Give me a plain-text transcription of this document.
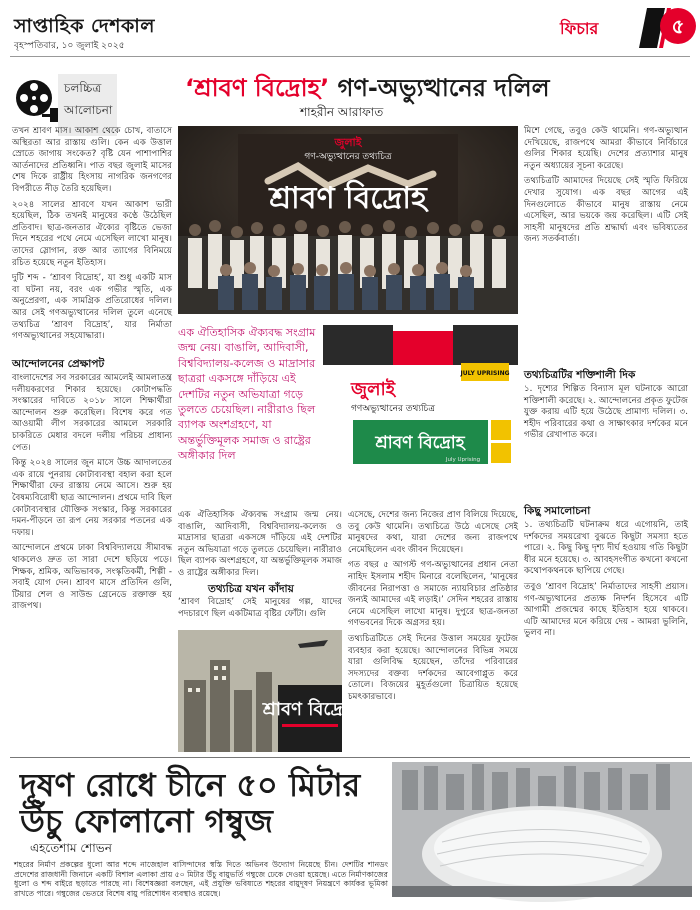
সাপ্তাহিক দেশকাল
বৃহস্পতিবার, ১০ জুলাই ২০২৫
ফিচার	৫
চলচ্চিত্র
আলোচনা
‘শ্রাবণ বিদ্রোহ’ গণ-অভ্যুত্থানের দলিল
শাহরীন আরাফাত

তখন শ্রাবণ মাস। আকাশ থেকে চোখ, বাতাসে অস্থিরতা আর রাস্তায় গুলি। কেন এক উত্তাল স্রোতে জাগায় সংকেত? বৃষ্টি যেন পাশাপাশির আর্তনাদের প্রতিধ্বনি। পাত বছর জুলাই মাসের শেষ দিকে রাষ্ট্রীয় হিংসায় নাগরিক জনগণের বিপরীতে নীড় তৈরি হয়েছিল।

২০২৪ সালের শ্রাবণে যখন আকাশ ভারী হয়েছিল, ঠিক তখনই মানুষের কণ্ঠে উঠেছিল প্রতিবাদ। ছাত্র-জনতার ঐক্যের বৃষ্টিতে ভেজা দিনে শহরের পথে নেমে এসেছিল লাখো মানুষ। তাদের স্লোগান, রক্ত আর ত্যাগের বিনিময়ে রচিত হয়েছে নতুন ইতিহাস।

দুটি শব্দ - ‘শ্রাবণ বিদ্রোহ’, যা শুধু একটি মাস বা ঘটনা নয়, বরং এক গভীর স্মৃতি, এক অনুপ্রেরণা, এক সামগ্রিক প্রতিরোধের দলিল। আর সেই গণঅভ্যুত্থানের দলিল তুলে এনেছে তথ্যচিত্র ‘শ্রাবণ বিদ্রোহ’, যার নির্মাতা গণঅভ্যুত্থানের সহযোদ্ধারা।

আন্দোলনের প্রেক্ষাপট

বাংলাদেশের সব সরকারের আমলেই আমলাতন্ত্র দলীয়করণের শিকার হয়েছে। কোটাপদ্ধতি সংস্কারের দাবিতে ২০১৮ সালে শিক্ষার্থীরা আন্দোলন শুরু করেছিল। বিশেষ করে গত আওয়ামী লীগ সরকারের আমলে সরকারি চাকরিতে মেধার বদলে দলীয় পরিচয় প্রাধান্য পেত।

কিন্তু ২০২৪ সালের জুন মাসে উচ্চ আদালতের এক রায়ে পুনরায় কোটাব্যবস্থা বহাল করা হলে শিক্ষার্থীরা ফের রাস্তায় নেমে আসে। শুরু হয় বৈষম্যবিরোধী ছাত্র আন্দোলন। প্রথমে দাবি ছিল কোটাব্যবস্থার যৌক্তিক সংস্কার, কিন্তু সরকারের দমন-পীড়নে তা রূপ নেয় সরকার পতনের এক দফায়।

আন্দোলনে প্রথমে ঢাকা বিশ্ববিদ্যালয়ে সীমাবদ্ধ থাকলেও দ্রুত তা সারা দেশে ছড়িয়ে পড়ে। শিক্ষক, শ্রমিক, অভিভাবক, সংস্কৃতিকর্মী, শিল্পী - সবাই যোগ দেন। শ্রাবণ মাসে প্রতিদিন গুলি, টিয়ার শেল ও সাউন্ড গ্রেনেডে রক্তাক্ত হয় রাজপথ।

জুলাই
গণ-অভ্যুত্থানের তথ্যচিত্র
শ্রাবণ বিদ্রোহ

মিশে গেছে, তবুও কেউ থামেনি। গণ-অভ্যুত্থান দেখিয়েছে, রাজপথে আমরা কীভাবে নির্বিচারে গুলির শিকার হয়েছি। দেশের প্রত্যাশার মানুষ নতুন অধ্যায়ের সূচনা করেছে।

তথ্যচিত্রটি আমাদের দিয়েছে সেই স্মৃতি ফিরিয়ে দেখার সুযোগ। এক বছর আগের এই দিনগুলোতে কীভাবে মানুষ রাস্তায় নেমে এসেছিল, আর ভয়কে জয় করেছিল। এটি সেই সাহসী মানুষদের প্রতি শ্রদ্ধার্ঘ্য এবং ভবিষ্যতের জন্য সতর্কবার্তা।

তথ্যচিত্রটির শক্তিশালী দিক

১. দৃশ্যের শিল্পিত বিন্যাস মূল ঘটনাকে আরো শক্তিশালী করেছে। ২. আন্দোলনের প্রকৃত ফুটেজ যুক্ত করায় এটি হয়ে উঠেছে প্রামাণ্য দলিল। ৩. শহীদ পরিবারের কথা ও সাক্ষাৎকার দর্শকের মনে গভীর রেখাপাত করে।

কিছু সমালোচনা

১. তথ্যচিত্রটি ঘটনাক্রম ধরে এগোয়নি, তাই দর্শকদের সময়রেখা বুঝতে কিছুটা সমস্যা হতে পারে। ২. কিছু কিছু দৃশ্য দীর্ঘ হওয়ায় গতি কিছুটা ধীর মনে হয়েছে। ৩. আবহসংগীত কখনো কখনো কথোপকথনকে ছাপিয়ে গেছে।

তবুও ‘শ্রাবণ বিদ্রোহ’ নির্মাতাদের সাহসী প্রয়াস। গণ-অভ্যুত্থানের প্রত্যক্ষ নিদর্শন হিসেবে এটি আগামী প্রজন্মের কাছে ইতিহাস হয়ে থাকবে। এটি আমাদের মনে করিয়ে দেয় - আমরা ভুলিনি, ভুলব না।

এক ঐতিহাসিক ঐক্যবদ্ধ সংগ্রাম জন্ম নেয়। বাঙালি, আদিবাসী, বিশ্ববিদ্যালয়-কলেজ ও মাদ্রাসার ছাত্ররা একসঙ্গে দাঁড়িয়ে এই দেশটির নতুন অভিযাত্রা গড়ে তুলতে চেয়েছিল। নারীরাও ছিল ব্যাপক অংশগ্রহণে, যা অন্তর্ভুক্তিমূলক সমাজ ও রাষ্ট্রের অঙ্গীকার দিল
JULY UPRISING
জুলাই
গণঅভ্যুত্থানের তথ্যচিত্র
শ্রাবণ বিদ্রোহ
July Uprising

এক ঐতিহাসিক ঐক্যবদ্ধ সংগ্রাম জন্ম নেয়। বাঙালি, আদিবাসী, বিশ্ববিদ্যালয়-কলেজ ও মাদ্রাসার ছাত্ররা একসঙ্গে দাঁড়িয়ে এই দেশটির নতুন অভিযাত্রা গড়ে তুলতে চেয়েছিল। নারীরাও ছিল ব্যাপক অংশগ্রহণে, যা অন্তর্ভুক্তিমূলক সমাজ ও রাষ্ট্রের অঙ্গীকার দিল।

তথ্যচিত্র যখন কাঁদায়

‘শ্রাবণ বিদ্রোহ’ সেই মানুষের গল্প, যাদের পদচারণে ছিল একটিমাত্র বৃষ্টির ফোঁটা। গুলি

এসেছে, দেশের জন্য নিজের প্রাণ বিলিয়ে দিয়েছে, তবু কেউ থামেনি। তথ্যচিত্রে উঠে এসেছে সেই মানুষদের কথা, যারা দেশের জন্য রাজপথে নেমেছিলেন এবং জীবন দিয়েছেন।

গত বছর ৫ আগস্ট গণ-অভ্যুত্থানের প্রধান নেতা নাহিদ ইসলাম শহীদ মিনারে বলেছিলেন, ‘মানুষের জীবনের নিরাপত্তা ও সমাজে ন্যায়বিচার প্রতিষ্ঠার জন্যই আমাদের এই লড়াই।’ সেদিন শহরের রাস্তায় নেমে এসেছিল লাখো মানুষ। দুপুরে ছাত্র-জনতা গণভবনের দিকে অগ্রসর হয়।

তথ্যচিত্রটিতে সেই দিনের উত্তাল সময়ের ফুটেজ ব্যবহার করা হয়েছে। আন্দোলনের বিভিন্ন সময়ে যারা গুলিবিদ্ধ হয়েছেন, তাঁদের পরিবারের সদস্যদের বক্তব্য দর্শকদের আবেগাপ্লুত করে তোলে। বিজয়ের মুহূর্তগুলো চিত্রায়িত হয়েছে চমৎকারভাবে।

শ্রাবণ বিদ্রোহ
দূষণ রোধে চীনে ৫০ মিটার
উঁচু ফোলানো গম্বুজ
এহতেশাম শোভন
শহরের নির্মাণ প্রকল্পের ধুলো আর শব্দে নাজেহাল বাসিন্দাদের স্বস্তি দিতে অভিনব উদ্যোগ নিয়েছে চীন। দেশটির শানডং প্রদেশের রাজধানী জিনানে একটি বিশাল এলাকা প্রায় ৫০ মিটার উঁচু বায়ুভর্তি গম্বুজে ঢেকে দেওয়া হয়েছে। এতে নির্মাণকাজের ধুলো ও শব্দ বাইরে ছড়াতে পারছে না। বিশেষজ্ঞরা বলছেন, এই প্রযুক্তি ভবিষ্যতে শহরের বায়ুদূষণ নিয়ন্ত্রণে কার্যকর ভূমিকা রাখতে পারে। গম্বুজের ভেতরে বিশেষ বায়ু পরিশোধন ব্যবস্থাও রয়েছে।
